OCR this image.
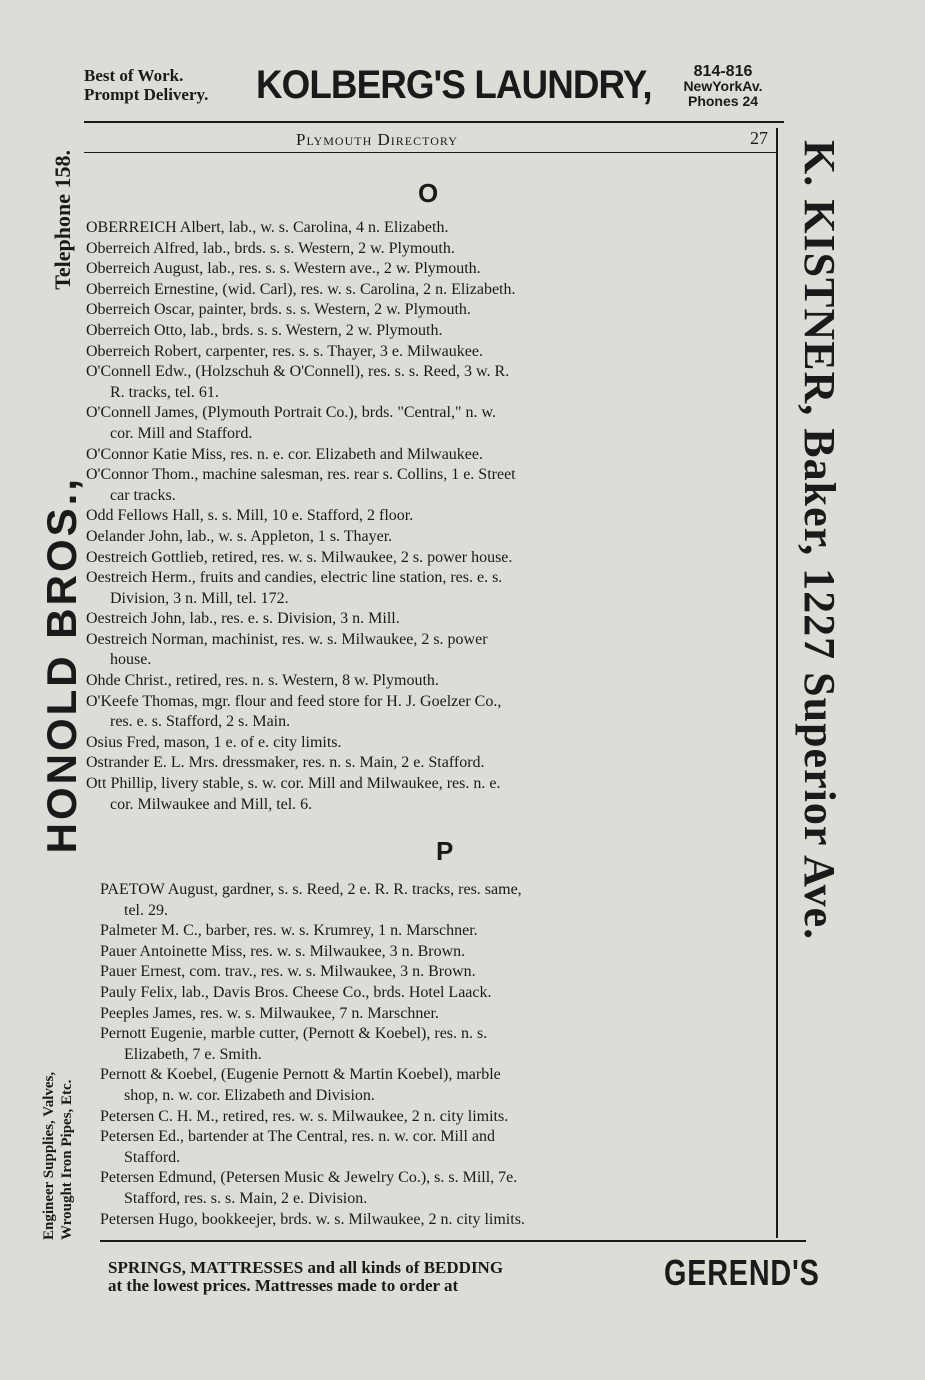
Best of Work.
Prompt Delivery. KOLBERG'S LAUNDRY,	814-816
NewYorkAv.
Phones 24
Plymouth Directory	27
O
OBERREICH Albert, lab., w. s. Carolina, 4 n. Elizabeth.
Oberreich Alfred, lab., brds. s. s. Western, 2 w. Plymouth.
Oberreich August, lab., res. s. s. Western ave., 2 w. Plymouth.
Oberreich Ernestine, (wid. Carl), res. w. s. Carolina, 2 n. Elizabeth.
Oberreich Oscar, painter, brds. s. s. Western, 2 w. Plymouth.
Oberreich Otto, lab., brds. s. s. Western, 2 w. Plymouth.
Oberreich Robert, carpenter, res. s. s. Thayer, 3 e. Milwaukee.
O'Connell Edw., (Holzschuh & O'Connell), res. s. s. Reed, 3 w. R.
R. tracks, tel. 61.
O'Connell James, (Plymouth Portrait Co.), brds. "Central," n. w.
cor. Mill and Stafford.
O'Connor Katie Miss, res. n. e. cor. Elizabeth and Milwaukee.
O'Connor Thom., machine salesman, res. rear s. Collins, 1 e. Street
car tracks.
Odd Fellows Hall, s. s. Mill, 10 e. Stafford, 2 floor.
Oelander John, lab., w. s. Appleton, 1 s. Thayer.
Oestreich Gottlieb, retired, res. w. s. Milwaukee, 2 s. power house.
Oestreich Herm., fruits and candies, electric line station, res. e. s.
Division, 3 n. Mill, tel. 172.
Oestreich John, lab., res. e. s. Division, 3 n. Mill.
Oestreich Norman, machinist, res. w. s. Milwaukee, 2 s. power
house.
Ohde Christ., retired, res. n. s. Western, 8 w. Plymouth.
O'Keefe Thomas, mgr. flour and feed store for H. J. Goelzer Co.,
res. e. s. Stafford, 2 s. Main.
Osius Fred, mason, 1 e. of e. city limits.
Ostrander E. L. Mrs. dressmaker, res. n. s. Main, 2 e. Stafford.
Ott Phillip, livery stable, s. w. cor. Mill and Milwaukee, res. n. e.
cor. Milwaukee and Mill, tel. 6.
P
PAETOW August, gardner, s. s. Reed, 2 e. R. R. tracks, res. same,
tel. 29.
Palmeter M. C., barber, res. w. s. Krumrey, 1 n. Marschner.
Pauer Antoinette Miss, res. w. s. Milwaukee, 3 n. Brown.
Pauer Ernest, com. trav., res. w. s. Milwaukee, 3 n. Brown.
Pauly Felix, lab., Davis Bros. Cheese Co., brds. Hotel Laack.
Peeples James, res. w. s. Milwaukee, 7 n. Marschner.
Pernott Eugenie, marble cutter, (Pernott & Koebel), res. n. s.
Elizabeth, 7 e. Smith.
Pernott & Koebel, (Eugenie Pernott & Martin Koebel), marble
shop, n. w. cor. Elizabeth and Division.
Petersen C. H. M., retired, res. w. s. Milwaukee, 2 n. city limits.
Petersen Ed., bartender at The Central, res. n. w. cor. Mill and
Stafford.
Petersen Edmund, (Petersen Music & Jewelry Co.), s. s. Mill, 7e.
Stafford, res. s. s. Main, 2 e. Division.
Petersen Hugo, bookkeejer, brds. w. s. Milwaukee, 2 n. city limits.
Engineer Supplies, Valves, Wrought Iron Pipes, Etc.
HONOLD BROS.,
Telephone 158.	K. KISTNER, Baker, 1227 Superior Ave.
SPRINGS, MATTRESSES and all kinds of BEDDING
at the lowest prices. Mattresses made to order at	GEREND'S
